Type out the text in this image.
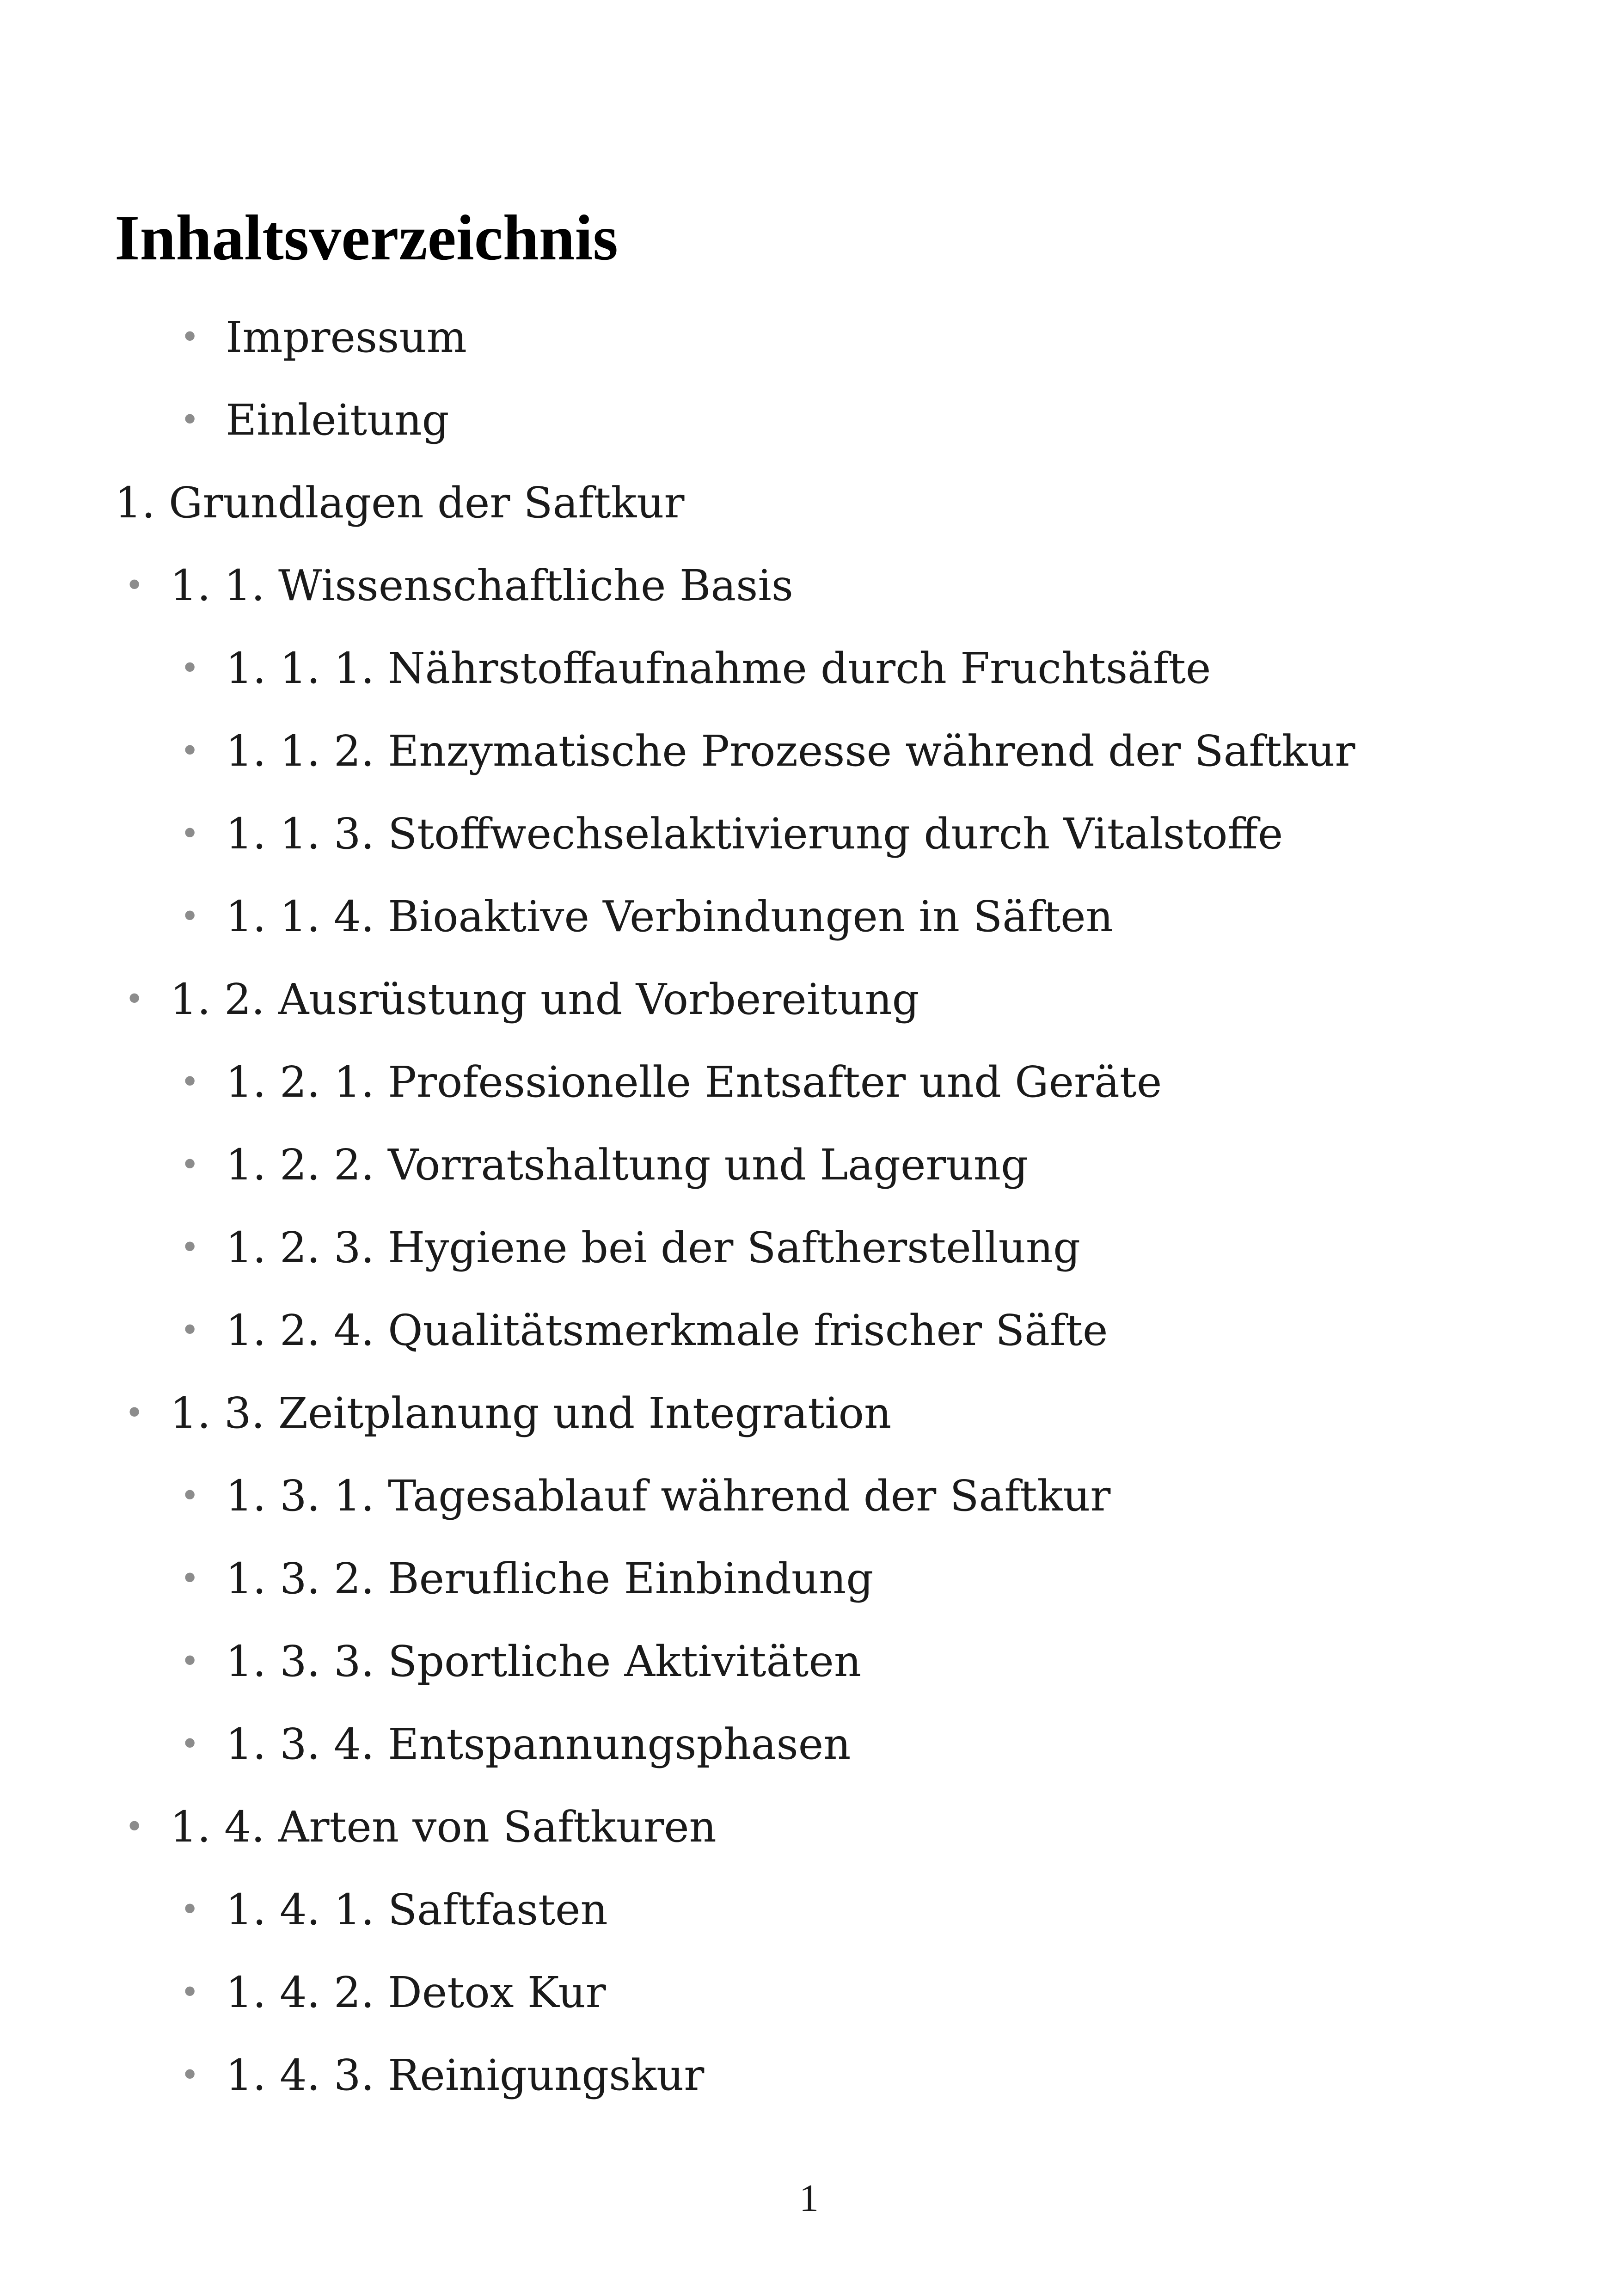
Inhaltsverzeichnis
• Impressum
• Einleitung
1. Grundlagen der Saftkur
• 1. 1. Wissenschaftliche Basis
• 1. 1. 1. Nährstoffaufnahme durch Fruchtsäfte
• 1. 1. 2. Enzymatische Prozesse während der Saftkur
• 1. 1. 3. Stoffwechselaktivierung durch Vitalstoffe
• 1. 1. 4. Bioaktive Verbindungen in Säften
• 1. 2. Ausrüstung und Vorbereitung
• 1. 2. 1. Professionelle Entsafter und Geräte
• 1. 2. 2. Vorratshaltung und Lagerung
• 1. 2. 3. Hygiene bei der Saftherstellung
• 1. 2. 4. Qualitätsmerkmale frischer Säfte
• 1. 3. Zeitplanung und Integration
• 1. 3. 1. Tagesablauf während der Saftkur
• 1. 3. 2. Berufliche Einbindung
• 1. 3. 3. Sportliche Aktivitäten
• 1. 3. 4. Entspannungsphasen
• 1. 4. Arten von Saftkuren
• 1. 4. 1. Saftfasten
• 1. 4. 2. Detox Kur
• 1. 4. 3. Reinigungskur
1
